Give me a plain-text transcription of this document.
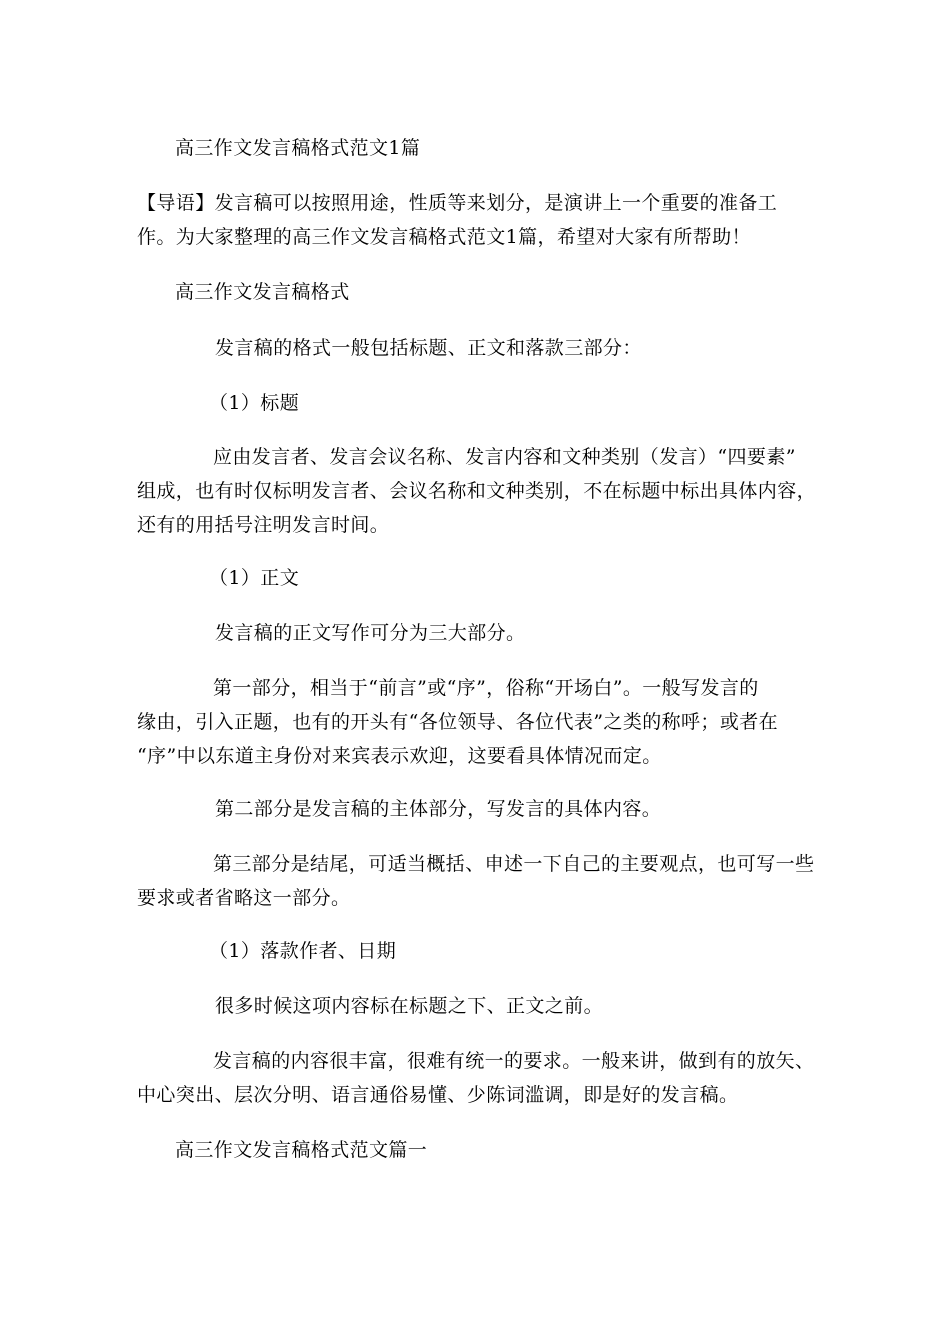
高三作文发言稿格式范文1篇

【导语】发言稿可以按照用途，性质等来划分，是演讲上一个重要的准备工
作。为大家整理的高三作文发言稿格式范文1篇，希望对大家有所帮助！

高三作文发言稿格式

发言稿的格式一般包括标题、正文和落款三部分：

（1）标题

应由发言者、发言会议名称、发言内容和文种类别（发言）“四要素”
组成，也有时仅标明发言者、会议名称和文种类别，不在标题中标出具体内容，
还有的用括号注明发言时间。

（1）正文

发言稿的正文写作可分为三大部分。

第一部分，相当于“前言”或“序”，俗称“开场白”。一般写发言的
缘由，引入正题，也有的开头有“各位领导、各位代表”之类的称呼；或者在
“序”中以东道主身份对来宾表示欢迎，这要看具体情况而定。

第二部分是发言稿的主体部分，写发言的具体内容。

第三部分是结尾，可适当概括、申述一下自己的主要观点，也可写一些
要求或者省略这一部分。

（1）落款作者、日期

很多时候这项内容标在标题之下、正文之前。

发言稿的内容很丰富，很难有统一的要求。一般来讲，做到有的放矢、
中心突出、层次分明、语言通俗易懂、少陈词滥调，即是好的发言稿。

高三作文发言稿格式范文篇一
